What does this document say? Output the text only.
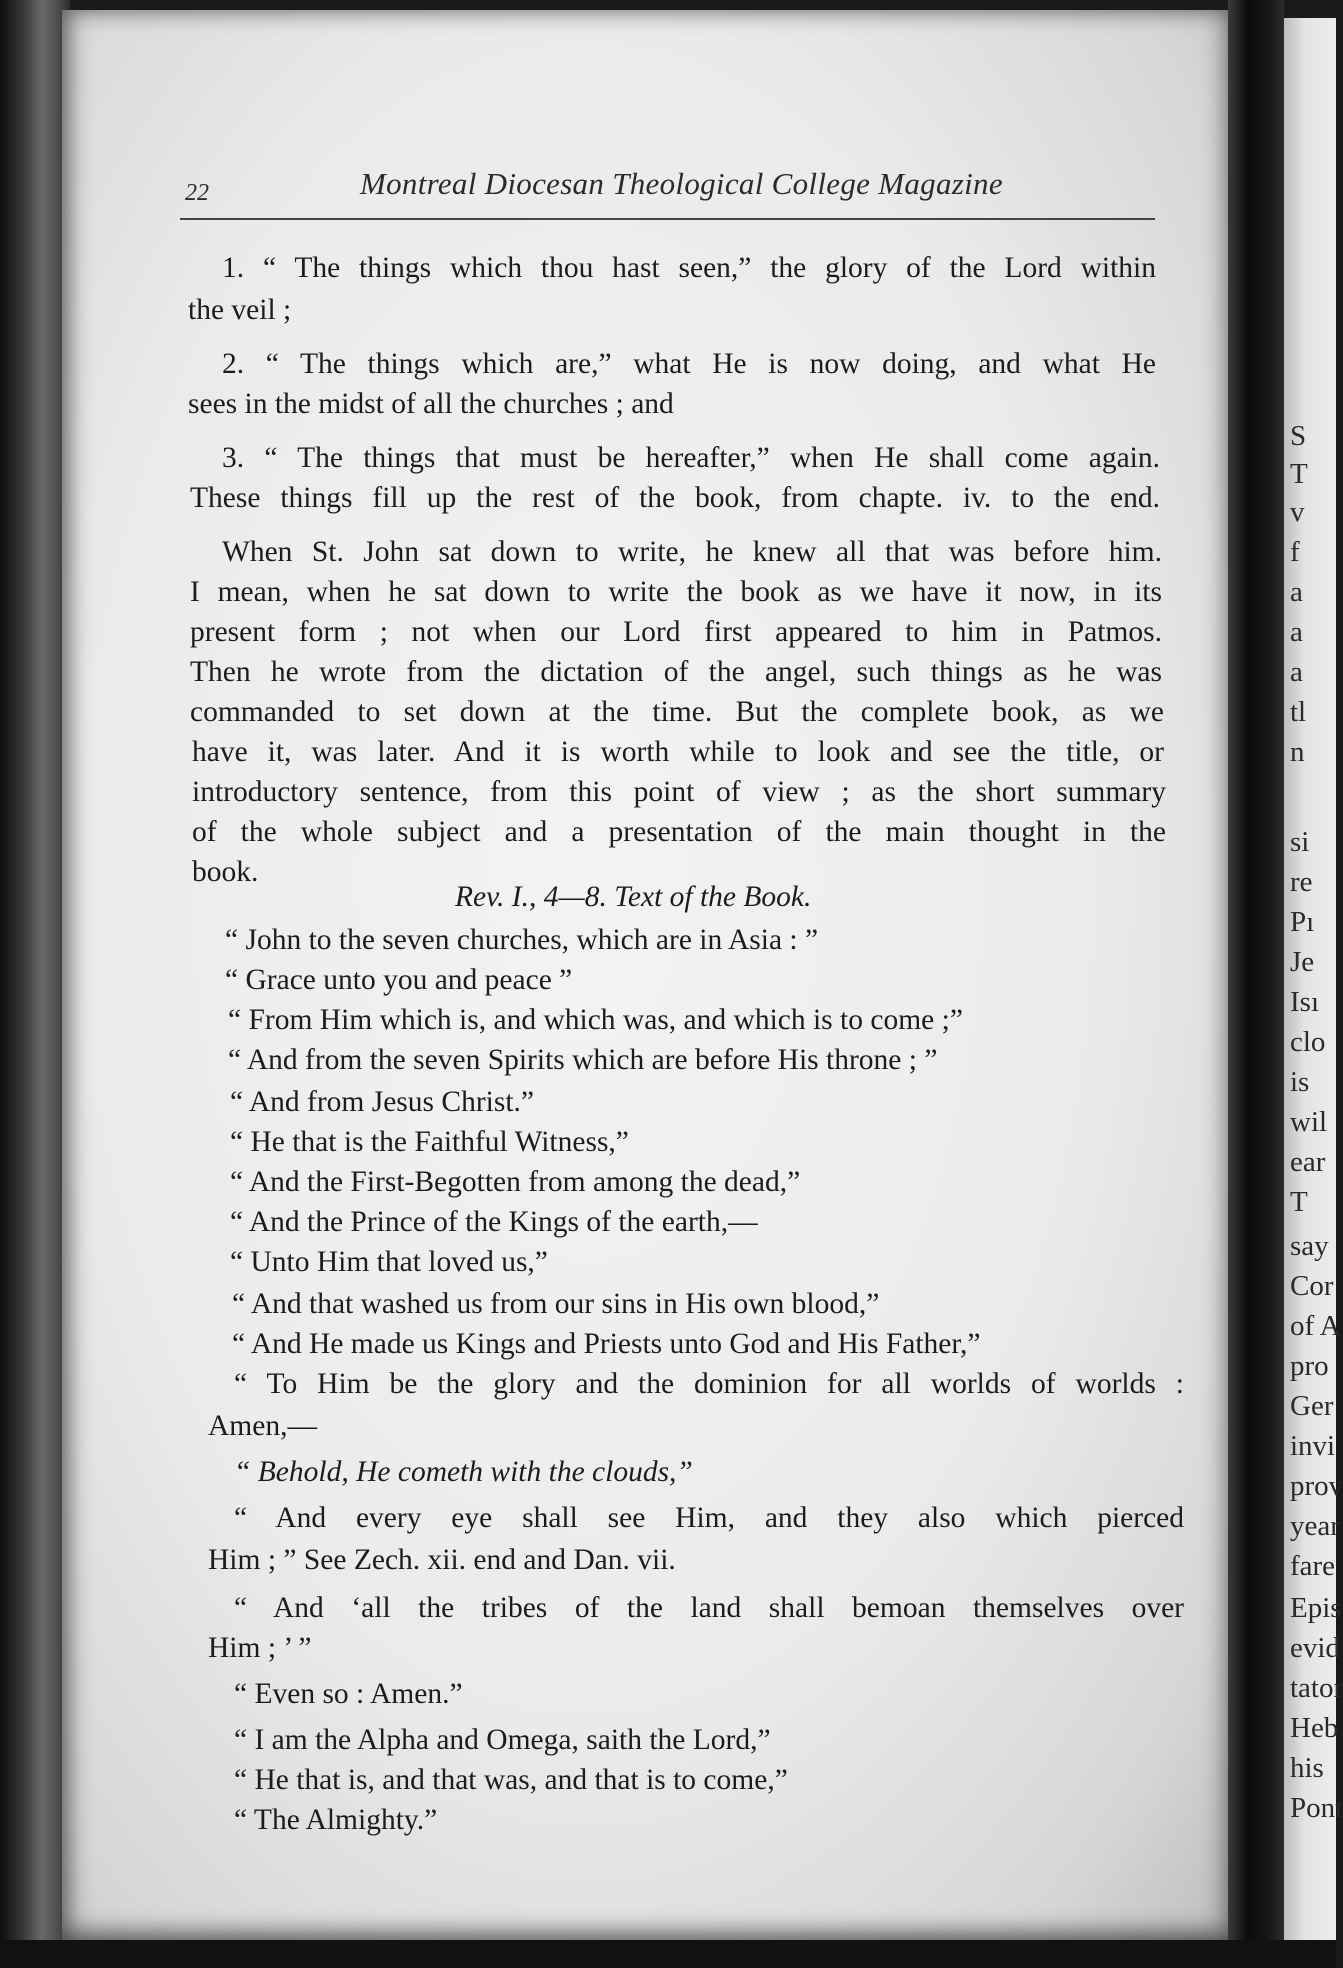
S
T
v
f
a
a
a
tl
n
si
re
Pı
Je
Isı
clo
is
wil
ear
T
say
Cor
of A
pro
Ger
invi
prov
year
fare
Epis
evid
tator
Heb
his
Pont
22	Montreal Diocesan Theological College Magazine
1. “ The things which thou hast seen,” the glory of the Lord within
the veil ;
2. “ The things which are,” what He is now doing, and what He
sees in the midst of all the churches ; and
3. “ The things that must be hereafter,” when He shall come again.
These things fill up the rest of the book, from chapte. iv. to the end.
When St. John sat down to write, he knew all that was before him.
I mean, when he sat down to write the book as we have it now, in its
present form ; not when our Lord first appeared to him in Patmos.
Then he wrote from the dictation of the angel, such things as he was
commanded to set down at the time. But the complete book, as we
have it, was later. And it is worth while to look and see the title, or
introductory sentence, from this point of view ; as the short summary
of the whole subject and a presentation of the main thought in the
book.
Rev. I., 4—8. Text of the Book.
“ John to the seven churches, which are in Asia : ”
“ Grace unto you and peace ”
“ From Him which is, and which was, and which is to come ;”
“ And from the seven Spirits which are before His throne ; ”
“ And from Jesus Christ.”
“ He that is the Faithful Witness,”
“ And the First-Begotten from among the dead,”
“ And the Prince of the Kings of the earth,—
“ Unto Him that loved us,”
“ And that washed us from our sins in His own blood,”
“ And He made us Kings and Priests unto God and His Father,”
“ To Him be the glory and the dominion for all worlds of worlds :
Amen,—
“ Behold, He cometh with the clouds,”
“ And every eye shall see Him, and they also which pierced
Him ; ” See Zech. xii. end and Dan. vii.
“ And ‘all the tribes of the land shall bemoan themselves over
Him ; ’ ”
“ Even so : Amen.”
“ I am the Alpha and Omega, saith the Lord,”
“ He that is, and that was, and that is to come,”
“ The Almighty.”
